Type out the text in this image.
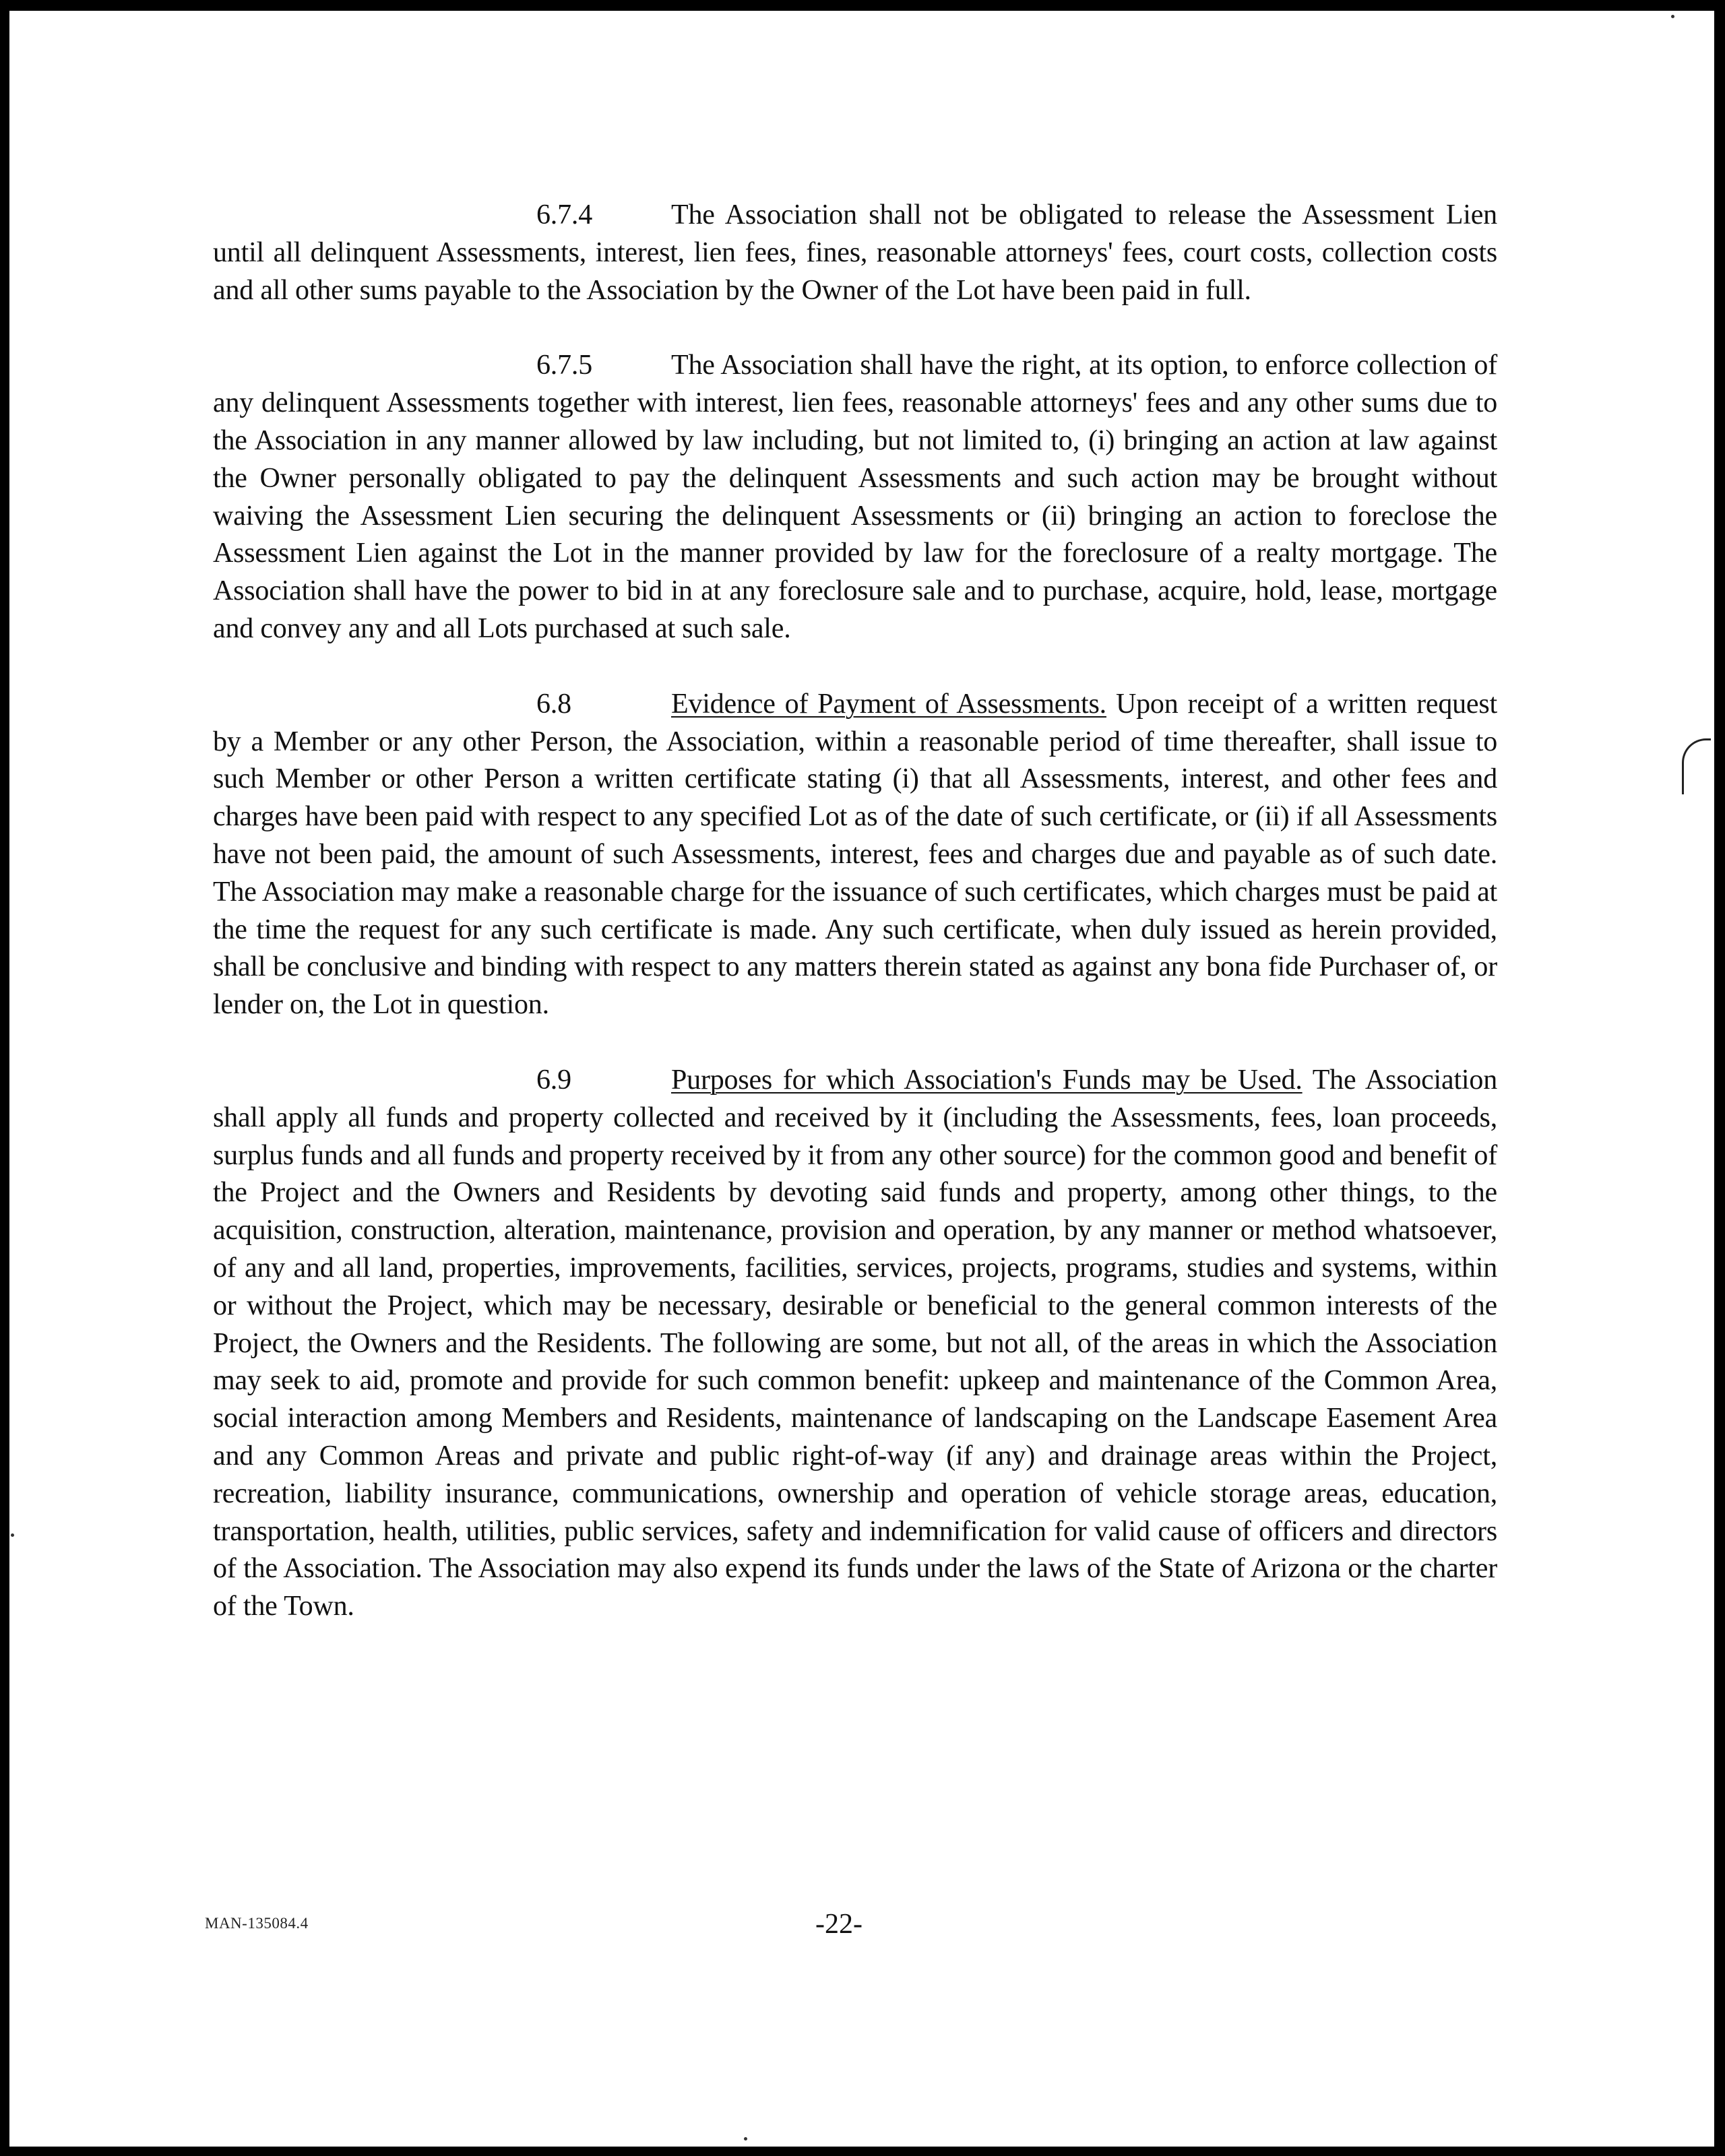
6.7.4	The Association shall not be obligated to release the Assessment Lien until all delinquent Assessments, interest, lien fees, fines, reasonable attorneys' fees, court costs, collection costs and all other sums payable to the Association by the Owner of the Lot have been paid in full.

6.7.5	The Association shall have the right, at its option, to enforce collection of any delinquent Assessments together with interest, lien fees, reasonable attorneys' fees and any other sums due to the Association in any manner allowed by law including, but not limited to, (i) bringing an action at law against the Owner personally obligated to pay the delinquent Assessments and such action may be brought without waiving the Assessment Lien securing the delinquent Assessments or (ii) bringing an action to foreclose the Assessment Lien against the Lot in the manner provided by law for the foreclosure of a realty mortgage. The Association shall have the power to bid in at any foreclosure sale and to purchase, acquire, hold, lease, mortgage and convey any and all Lots purchased at such sale.

6.8	Evidence of Payment of Assessments. Upon receipt of a written request by a Member or any other Person, the Association, within a reasonable period of time thereafter, shall issue to such Member or other Person a written certificate stating (i) that all Assessments, interest, and other fees and charges have been paid with respect to any specified Lot as of the date of such certificate, or (ii) if all Assessments have not been paid, the amount of such Assessments, interest, fees and charges due and payable as of such date. The Association may make a reasonable charge for the issuance of such certificates, which charges must be paid at the time the request for any such certificate is made. Any such certificate, when duly issued as herein provided, shall be conclusive and binding with respect to any matters therein stated as against any bona fide Purchaser of, or lender on, the Lot in question.

6.9	Purposes for which Association's Funds may be Used. The Association shall apply all funds and property collected and received by it (including the Assessments, fees, loan proceeds, surplus funds and all funds and property received by it from any other source) for the common good and benefit of the Project and the Owners and Residents by devoting said funds and property, among other things, to the acquisition, construction, alteration, maintenance, provision and operation, by any manner or method whatsoever, of any and all land, properties, improvements, facilities, services, projects, programs, studies and systems, within or without the Project, which may be necessary, desirable or beneficial to the general common interests of the Project, the Owners and the Residents. The following are some, but not all, of the areas in which the Association may seek to aid, promote and provide for such common benefit: upkeep and maintenance of the Common Area, social interaction among Members and Residents, maintenance of landscaping on the Landscape Easement Area and any Common Areas and private and public right-of-way (if any) and drainage areas within the Project, recreation, liability insurance, communications, ownership and operation of vehicle storage areas, education, transportation, health, utilities, public services, safety and indemnification for valid cause of officers and directors of the Association. The Association may also expend its funds under the laws of the State of Arizona or the charter of the Town.

MAN-135084.4	-22-
